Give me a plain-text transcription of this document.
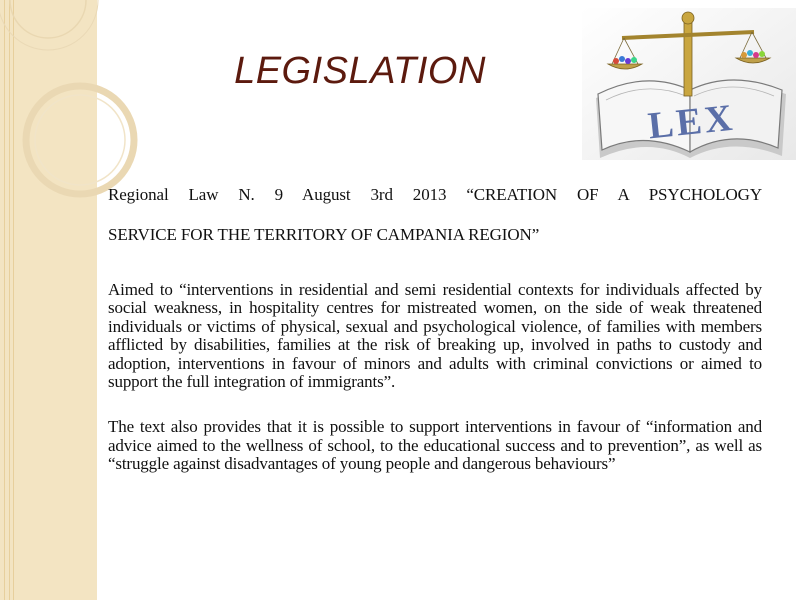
LEGISLATION
LEX

Regional Law N. 9 August 3rd 2013 “CREATION OF A PSYCHOLOGY

SERVICE FOR THE TERRITORY OF CAMPANIA REGION”

Aimed to “interventions in residential and semi residential contexts for individuals affected by social weakness, in hospitality centres for mistreated women, on the side of weak threatened individuals or victims of physical, sexual and psychological violence, of families with members afflicted by disabilities, families at the risk of breaking up, involved in paths to custody and adoption, interventions in favour of minors and adults with criminal convictions or aimed to support the full integration of immigrants”.

The text also provides that it is possible to support interventions in favour of “information and advice aimed to the wellness of school, to the educational success and to prevention”, as well as “struggle against disadvantages of young people and dangerous behaviours”
